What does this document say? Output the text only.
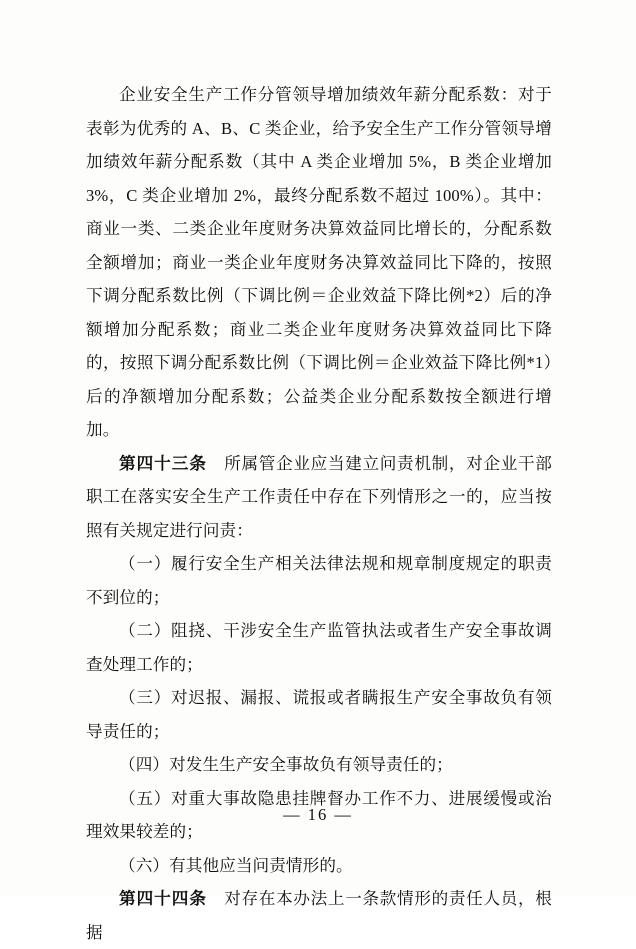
企业安全生产工作分管领导增加绩效年薪分配系数：对于表彰为优秀的 A、B、C 类企业，给予安全生产工作分管领导增加绩效年薪分配系数（其中 A 类企业增加 5%，B 类企业增加 3%，C 类企业增加 2%，最终分配系数不超过 100%）。其中：商业一类、二类企业年度财务决算效益同比增长的，分配系数全额增加；商业一类企业年度财务决算效益同比下降的，按照下调分配系数比例（下调比例＝企业效益下降比例*2）后的净额增加分配系数；商业二类企业年度财务决算效益同比下降的，按照下调分配系数比例（下调比例＝企业效益下降比例*1）后的净额增加分配系数；公益类企业分配系数按全额进行增加。

第四十三条　 所属管企业应当建立问责机制，对企业干部职工在落实安全生产工作责任中存在下列情形之一的，应当按照有关规定进行问责：

（一）履行安全生产相关法律法规和规章制度规定的职责不到位的；

（二）阻挠、干涉安全生产监管执法或者生产安全事故调查处理工作的；

（三）对迟报、漏报、谎报或者瞒报生产安全事故负有领导责任的；

（四）对发生生产安全事故负有领导责任的；

（五）对重大事故隐患挂牌督办工作不力、进展缓慢或治理效果较差的；

（六）有其他应当问责情形的。

第四十四条　 对存在本办法上一条款情形的责任人员，根据

— 16 —
